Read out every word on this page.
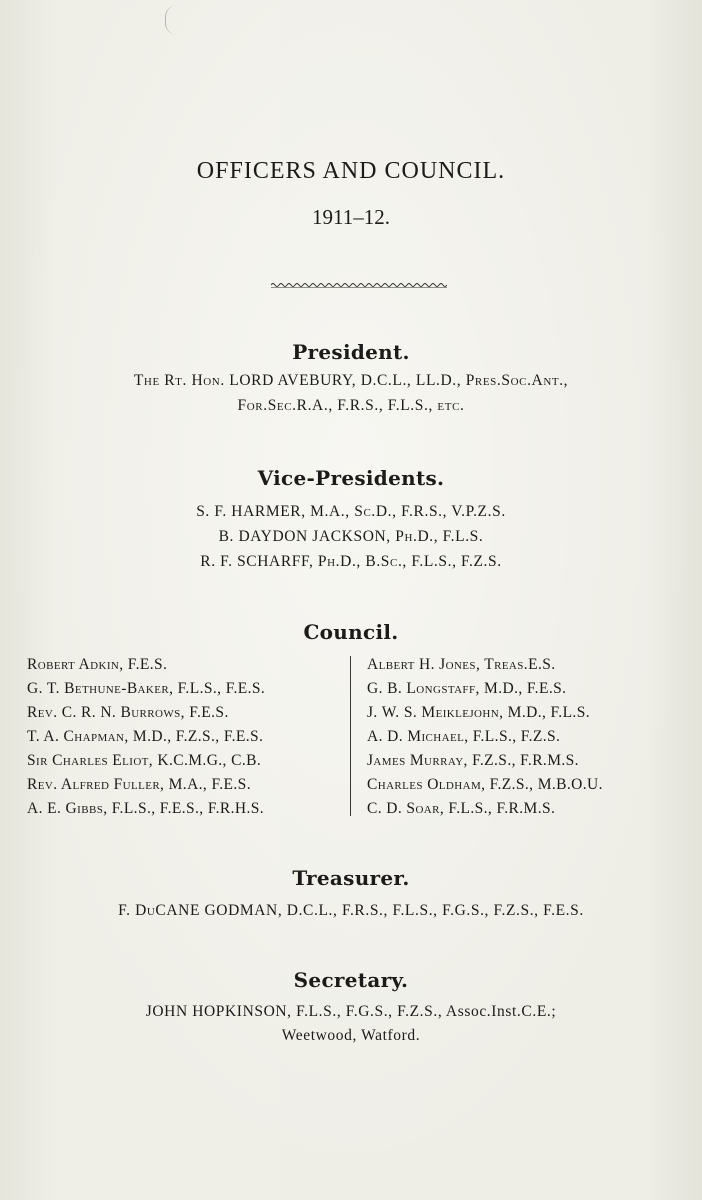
OFFICERS AND COUNCIL.
1911–12.
President.
The Rt. Hon. LORD AVEBURY, D.C.L., LL.D., Pres.Soc.Ant.,
For.Sec.R.A., F.R.S., F.L.S., etc.
Vice-Presidents.
S. F. HARMER, M.A., Sc.D., F.R.S., V.P.Z.S.
B. DAYDON JACKSON, Ph.D., F.L.S.
R. F. SCHARFF, Ph.D., B.Sc., F.L.S., F.Z.S.
Council.
Robert Adkin, F.E.S.
G. T. Bethune-Baker, F.L.S., F.E.S.
Rev. C. R. N. Burrows, F.E.S.
T. A. Chapman, M.D., F.Z.S., F.E.S.
Sir Charles Eliot, K.C.M.G., C.B.
Rev. Alfred Fuller, M.A., F.E.S.
A. E. Gibbs, F.L.S., F.E.S., F.R.H.S.
Albert H. Jones, Treas.E.S.
G. B. Longstaff, M.D., F.E.S.
J. W. S. Meiklejohn, M.D., F.L.S.
A. D. Michael, F.L.S., F.Z.S.
James Murray, F.Z.S., F.R.M.S.
Charles Oldham, F.Z.S., M.B.O.U.
C. D. Soar, F.L.S., F.R.M.S.
Treasurer.
F. DuCANE GODMAN, D.C.L., F.R.S., F.L.S., F.G.S., F.Z.S., F.E.S.
Secretary.
JOHN HOPKINSON, F.L.S., F.G.S., F.Z.S., Assoc.Inst.C.E.;
Weetwood, Watford.
